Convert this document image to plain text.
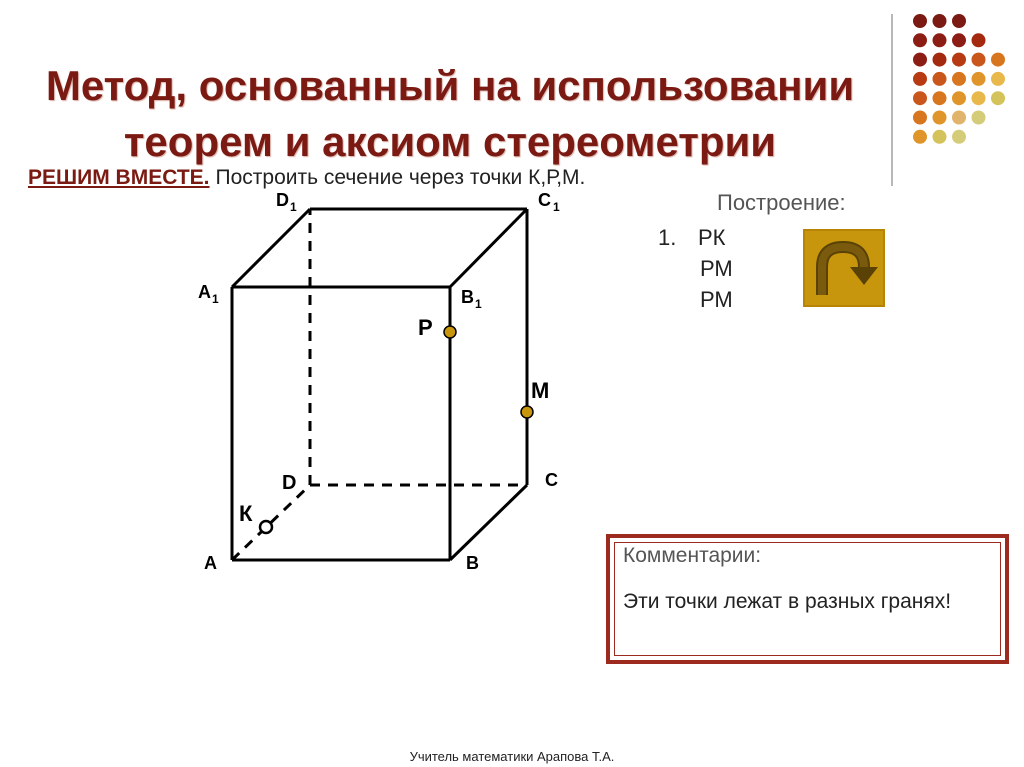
Метод, основанный на использовании
теорем и аксиом стереометрии
РЕШИМ ВМЕСТЕ. Построить сечение через точки К,Р,М.
A	B
C
D
A 1	B 1
C 1
D 1
P
M
К
Построение:
1. РК
РМ
РМ
Комментарии:
Эти точки лежат в разных гранях!
Учитель математики Арапова Т.А.
